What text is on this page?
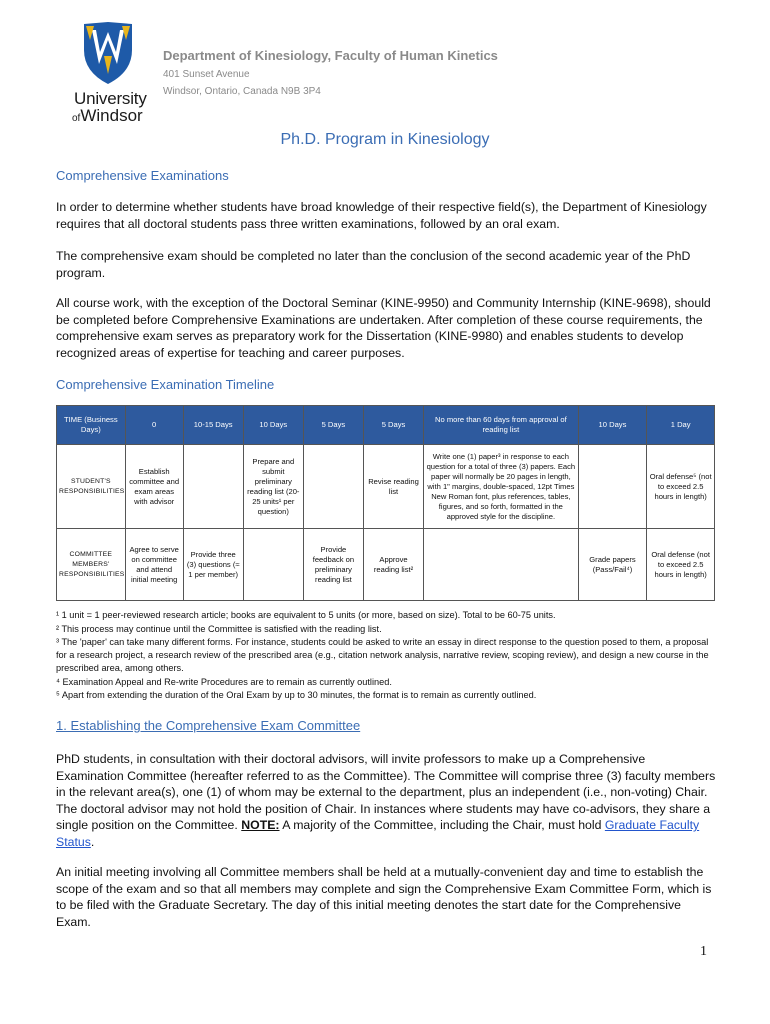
University
ofWindsor
Department of Kinesiology, Faculty of Human Kinetics
401 Sunset Avenue
Windsor, Ontario, Canada N9B 3P4
Ph.D. Program in Kinesiology
Comprehensive Examinations
In order to determine whether students have broad knowledge of their respective field(s), the Department of Kinesiology requires that all doctoral students pass three written examinations, followed by an oral exam.
The comprehensive exam should be completed no later than the conclusion of the second academic year of the PhD program.
All course work, with the exception of the Doctoral Seminar (KINE-9950) and Community Internship (KINE-9698), should be completed before Comprehensive Examinations are undertaken. After completion of these course requirements, the comprehensive exam serves as preparatory work for the Dissertation (KINE-9980) and enables students to develop recognized areas of expertise for teaching and career purposes.
Comprehensive Examination Timeline
TIME (Business Days)	0	10-15 Days	10 Days	5 Days	5 Days	No more than 60 days from approval of reading list	10 Days	1 Day
STUDENT'S RESPONSIBILITIES	Establish committee and exam areas with advisor		Prepare and submit preliminary reading list (20-25 units¹ per question)		Revise reading list	Write one (1) paper³ in response to each question for a total of three (3) papers. Each paper will normally be 20 pages in length, with 1" margins, double-spaced, 12pt Times New Roman font, plus references, tables, figures, and so forth, formatted in the approved style for the discipline.		Oral defense⁵ (not to exceed 2.5 hours in length)
COMMITTEE MEMBERS' RESPONSIBILITIES	Agree to serve on committee and attend initial meeting	Provide three (3) questions (≈ 1 per member)		Provide feedback on preliminary reading list	Approve reading list²		Grade papers (Pass/Fail⁴)	Oral defense (not to exceed 2.5 hours in length)
¹ 1 unit = 1 peer-reviewed research article; books are equivalent to 5 units (or more, based on size). Total to be 60-75 units.
² This process may continue until the Committee is satisfied with the reading list.
³ The 'paper' can take many different forms. For instance, students could be asked to write an essay in direct response to the question posed to them, a proposal for a research project, a research review of the prescribed area (e.g., citation network analysis, narrative review, scoping review), and design a new course in the prescribed area, among others.
⁴ Examination Appeal and Re-write Procedures are to remain as currently outlined.
⁵ Apart from extending the duration of the Oral Exam by up to 30 minutes, the format is to remain as currently outlined.
1. Establishing the Comprehensive Exam Committee
PhD students, in consultation with their doctoral advisors, will invite professors to make up a Comprehensive Examination Committee (hereafter referred to as the Committee). The Committee will comprise three (3) faculty members in the relevant area(s), one (1) of whom may be external to the department, plus an independent (i.e., non-voting) Chair. The doctoral advisor may not hold the position of Chair. In instances where students may have co-advisors, they share a single position on the Committee. NOTE: A majority of the Committee, including the Chair, must hold Graduate Faculty Status.
An initial meeting involving all Committee members shall be held at a mutually-convenient day and time to establish the scope of the exam and so that all members may complete and sign the Comprehensive Exam Committee Form, which is to be filed with the Graduate Secretary. The day of this initial meeting denotes the start date for the Comprehensive Exam.
1
